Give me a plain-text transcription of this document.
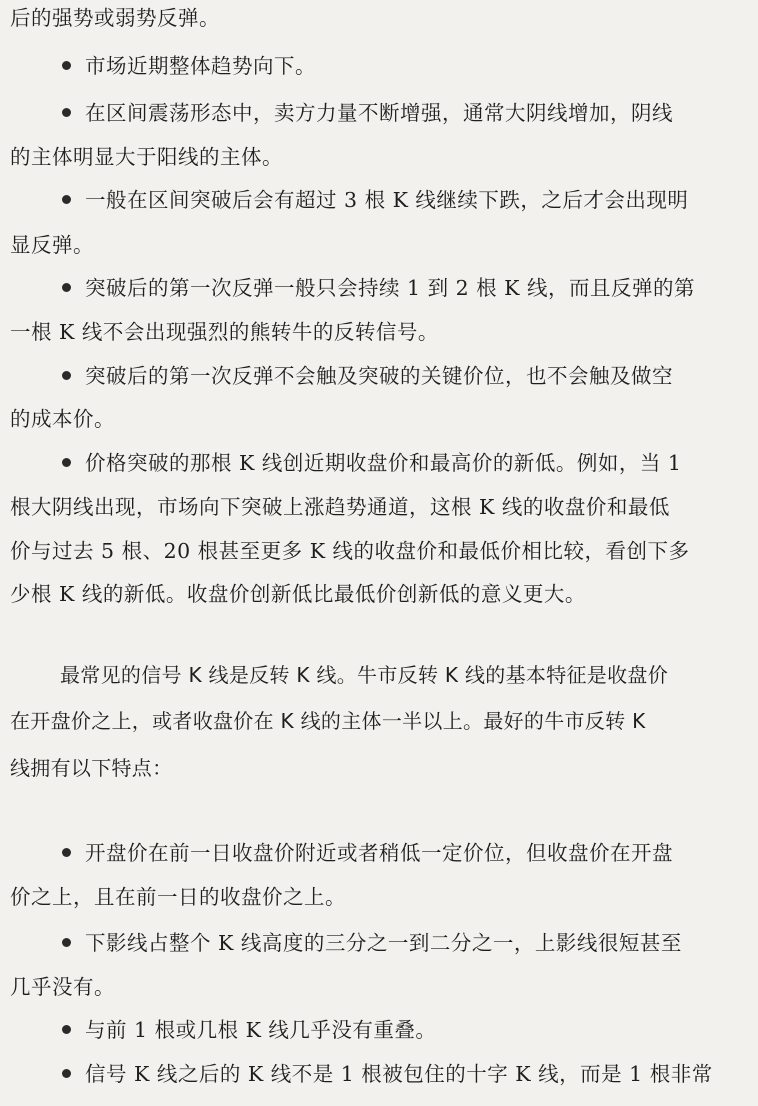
后的强势或弱势反弹。
市场近期整体趋势向下。
在区间震荡形态中，卖方力量不断增强，通常大阴线增加，阴线
的主体明显大于阳线的主体。
一般在区间突破后会有超过 3 根 K 线继续下跌，之后才会出现明
显反弹。
突破后的第一次反弹一般只会持续 1 到 2 根 K 线，而且反弹的第
一根 K 线不会出现强烈的熊转牛的反转信号。
突破后的第一次反弹不会触及突破的关键价位，也不会触及做空
的成本价。
价格突破的那根 K 线创近期收盘价和最高价的新低。例如，当 1
根大阴线出现，市场向下突破上涨趋势通道，这根 K 线的收盘价和最低
价与过去 5 根、20 根甚至更多 K 线的收盘价和最低价相比较，看创下多
少根 K 线的新低。收盘价创新低比最低价创新低的意义更大。
最常见的信号 K 线是反转 K 线。牛市反转 K 线的基本特征是收盘价
在开盘价之上，或者收盘价在 K 线的主体一半以上。最好的牛市反转 K
线拥有以下特点：
开盘价在前一日收盘价附近或者稍低一定价位，但收盘价在开盘
价之上，且在前一日的收盘价之上。
下影线占整个 K 线高度的三分之一到二分之一，上影线很短甚至
几乎没有。
与前 1 根或几根 K 线几乎没有重叠。
信号 K 线之后的 K 线不是 1 根被包住的十字 K 线，而是 1 根非常
